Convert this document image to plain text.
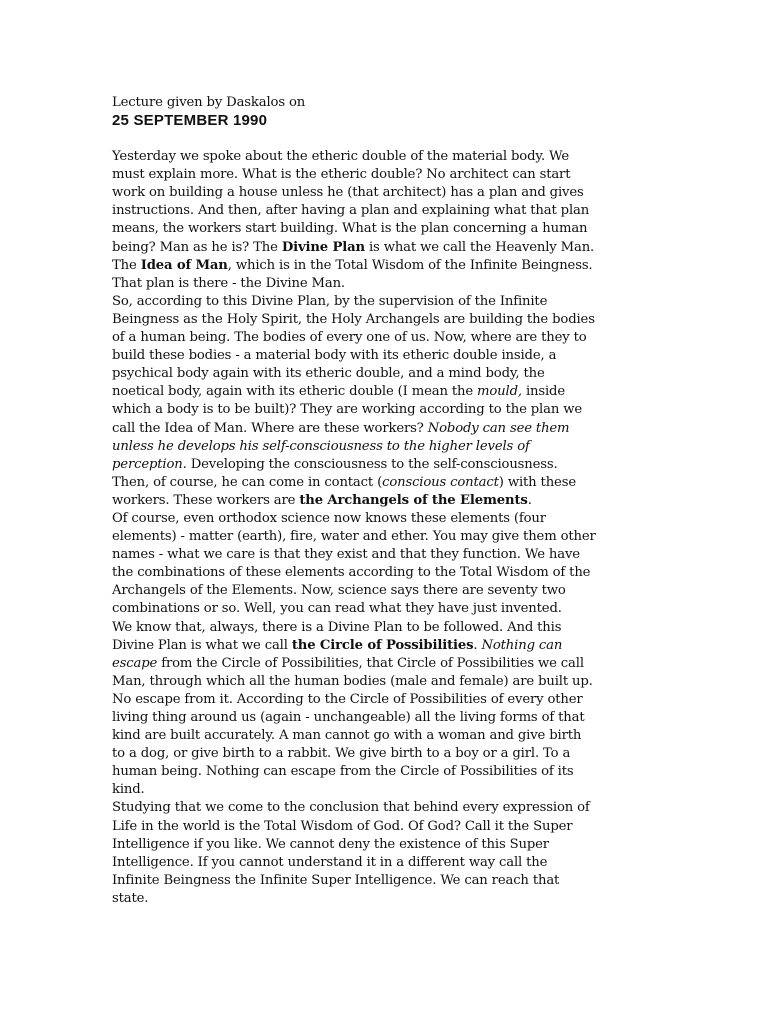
Lecture given by Daskalos on
25 SEPTEMBER 1990
Yesterday we spoke about the etheric double of the material body. We
must explain more. What is the etheric double? No architect can start
work on building a house unless he (that architect) has a plan and gives
instructions. And then, after having a plan and explaining what that plan
means, the workers start building. What is the plan concerning a human
being? Man as he is? The Divine Plan is what we call the Heavenly Man.
The Idea of Man, which is in the Total Wisdom of the Infinite Beingness.
That plan is there - the Divine Man.
So, according to this Divine Plan, by the supervision of the Infinite
Beingness as the Holy Spirit, the Holy Archangels are building the bodies
of a human being. The bodies of every one of us. Now, where are they to
build these bodies - a material body with its etheric double inside, a
psychical body again with its etheric double, and a mind body, the
noetical body, again with its etheric double (I mean the mould, inside
which a body is to be built)? They are working according to the plan we
call the Idea of Man. Where are these workers? Nobody can see them
unless he develops his self-consciousness to the higher levels of
perception. Developing the consciousness to the self-consciousness.
Then, of course, he can come in contact (conscious contact) with these
workers. These workers are the Archangels of the Elements.
Of course, even orthodox science now knows these elements (four
elements) - matter (earth), fire, water and ether. You may give them other
names - what we care is that they exist and that they function. We have
the combinations of these elements according to the Total Wisdom of the
Archangels of the Elements. Now, science says there are seventy two
combinations or so. Well, you can read what they have just invented.
We know that, always, there is a Divine Plan to be followed. And this
Divine Plan is what we call the Circle of Possibilities. Nothing can
escape from the Circle of Possibilities, that Circle of Possibilities we call
Man, through which all the human bodies (male and female) are built up.
No escape from it. According to the Circle of Possibilities of every other
living thing around us (again - unchangeable) all the living forms of that
kind are built accurately. A man cannot go with a woman and give birth
to a dog, or give birth to a rabbit. We give birth to a boy or a girl. To a
human being. Nothing can escape from the Circle of Possibilities of its
kind.
Studying that we come to the conclusion that behind every expression of
Life in the world is the Total Wisdom of God. Of God? Call it the Super
Intelligence if you like. We cannot deny the existence of this Super
Intelligence. If you cannot understand it in a different way call the
Infinite Beingness the Infinite Super Intelligence. We can reach that
state.
